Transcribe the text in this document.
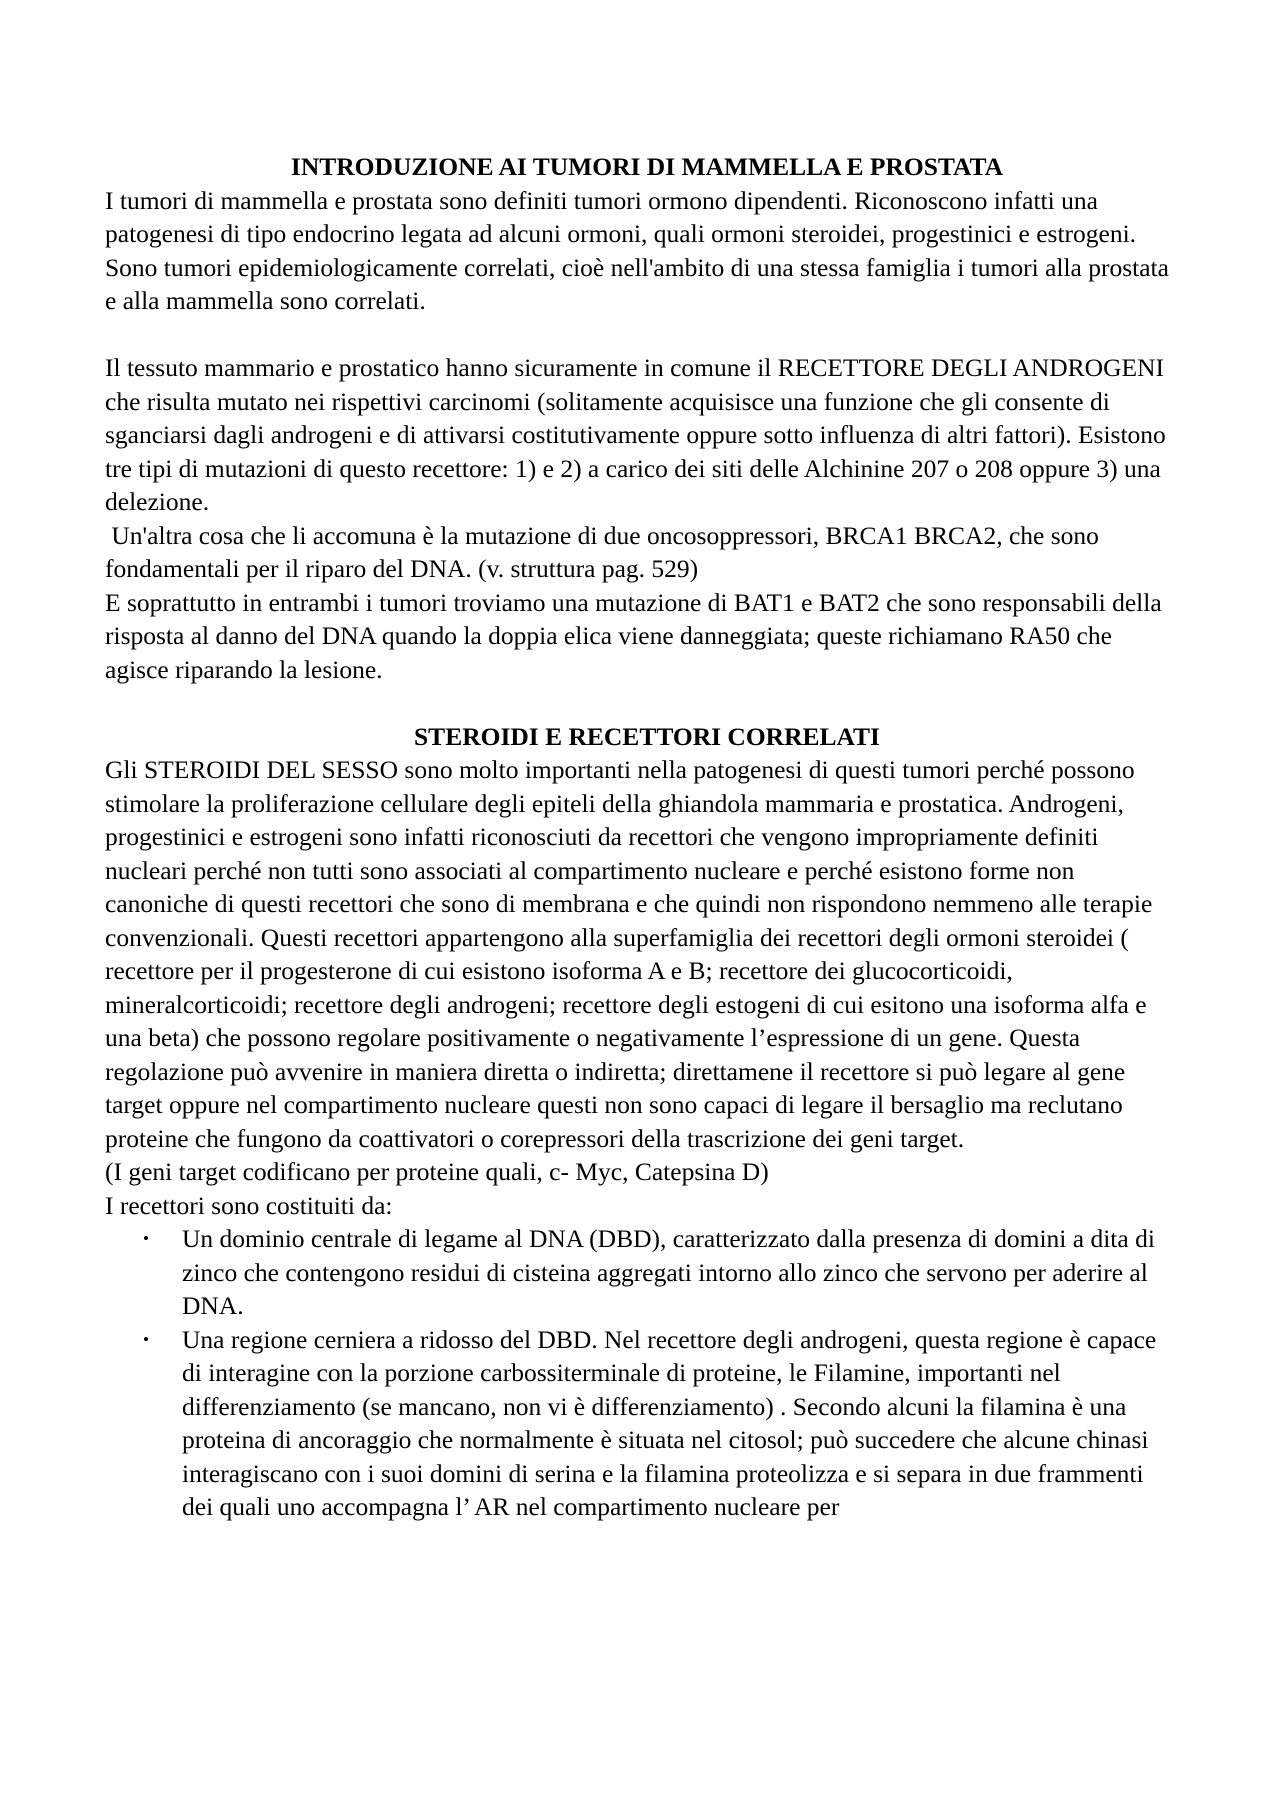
INTRODUZIONE AI TUMORI DI MAMMELLA E PROSTATA

I tumori di mammella e prostata sono definiti tumori ormono dipendenti. Riconoscono infatti una patogenesi di tipo endocrino legata ad alcuni ormoni, quali ormoni steroidei, progestinici e estrogeni. Sono tumori epidemiologicamente correlati, cioè nell'ambito di una stessa famiglia i tumori alla prostata e alla mammella sono correlati.

Il tessuto mammario e prostatico hanno sicuramente in comune il RECETTORE DEGLI ANDROGENI che risulta mutato nei rispettivi carcinomi (solitamente acquisisce una funzione che gli consente di sganciarsi dagli androgeni e di attivarsi costitutivamente oppure sotto influenza di altri fattori). Esistono tre tipi di mutazioni di questo recettore: 1) e 2) a carico dei siti delle Alchinine 207 o 208 oppure 3) una delezione.

Un'altra cosa che li accomuna è la mutazione di due oncosoppressori, BRCA1 BRCA2, che sono fondamentali per il riparo del DNA. (v. struttura pag. 529)

E soprattutto in entrambi i tumori troviamo una mutazione di BAT1 e BAT2 che sono responsabili della risposta al danno del DNA quando la doppia elica viene danneggiata; queste richiamano RA50 che agisce riparando la lesione.

STEROIDI E RECETTORI CORRELATI

Gli STEROIDI DEL SESSO sono molto importanti nella patogenesi di questi tumori perché possono stimolare la proliferazione cellulare degli epiteli della ghiandola mammaria e prostatica. Androgeni, progestinici e estrogeni sono infatti riconosciuti da recettori che vengono impropriamente definiti nucleari perché non tutti sono associati al compartimento nucleare e perché esistono forme non canoniche di questi recettori che sono di membrana e che quindi non rispondono nemmeno alle terapie convenzionali. Questi recettori appartengono alla superfamiglia dei recettori degli ormoni steroidei ( recettore per il progesterone di cui esistono isoforma A e B; recettore dei glucocorticoidi, mineralcorticoidi; recettore degli androgeni; recettore degli estogeni di cui esitono una isoforma alfa e una beta) che possono regolare positivamente o negativamente l’espressione di un gene. Questa regolazione può avvenire in maniera diretta o indiretta; direttamene il recettore si può legare al gene target oppure nel compartimento nucleare questi non sono capaci di legare il bersaglio ma reclutano proteine che fungono da coattivatori o corepressori della trascrizione dei geni target.

(I geni target codificano per proteine quali, c- Myc, Catepsina D)

I recettori sono costituiti da:

• Un dominio centrale di legame al DNA (DBD), caratterizzato dalla presenza di domini a dita di zinco che contengono residui di cisteina aggregati intorno allo zinco che servono per aderire al DNA.
• Una regione cerniera a ridosso del DBD. Nel recettore degli androgeni, questa regione è capace di interagine con la porzione carbossiterminale di proteine, le Filamine, importanti nel differenziamento (se mancano, non vi è differenziamento) . Secondo alcuni la filamina è una proteina di ancoraggio che normalmente è situata nel citosol; può succedere che alcune chinasi interagiscano con i suoi domini di serina e la filamina proteolizza e si separa in due frammenti dei quali uno accompagna l’ AR nel compartimento nucleare per
